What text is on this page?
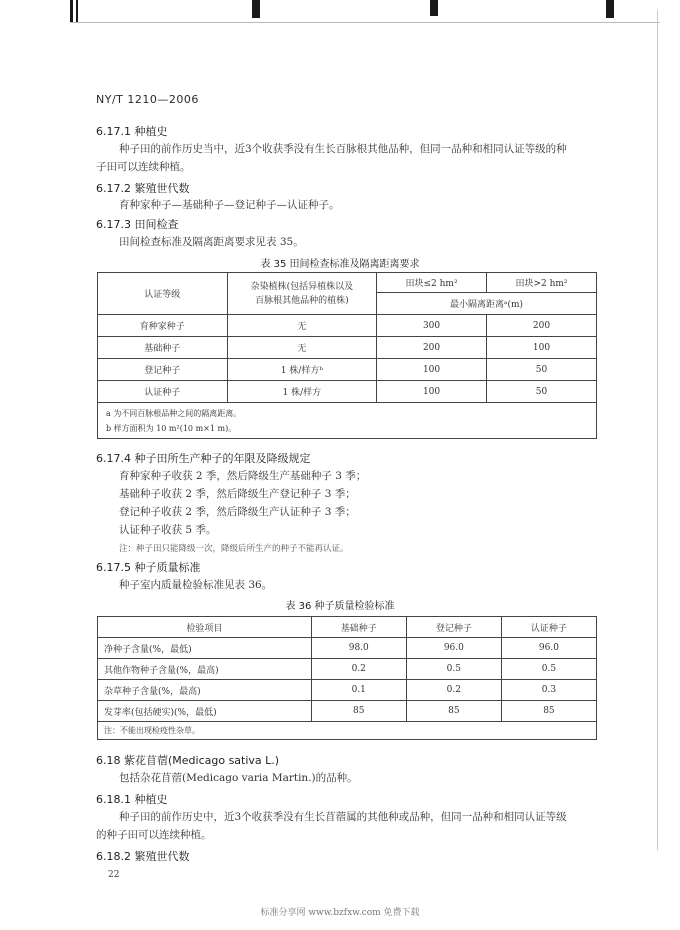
NY/T 1210—2006
6.17.1 种植史
种子田的前作历史当中，近3个收获季没有生长百脉根其他品种，但同一品种和相同认证等级的种
子田可以连续种植。
6.17.2 繁殖世代数
育种家种子—基础种子—登记种子—认证种子。
6.17.3 田间检查
田间检查标准及隔离距离要求见表 35。
表 35 田间检查标准及隔离距离要求
认证等级	杂染植株(包括异植株以及
百脉根其他品种的植株)	田块≤2 hm²	田块>2 hm²
		最小隔离距离ᵃ(m)	
育种家种子	无	300	200
基础种子	无	200	100
登记种子	1 株/样方ᵇ	100	50
认证种子	1 株/样方	100	50
a 为不同百脉根品种之间的隔离距离。
b 样方面积为 10 m²(10 m×1 m)。			
6.17.4 种子田所生产种子的年限及降级规定
育种家种子收获 2 季，然后降级生产基础种子 3 季；
基础种子收获 2 季，然后降级生产登记种子 3 季；
登记种子收获 2 季，然后降级生产认证种子 3 季；
认证种子收获 5 季。
注：种子田只能降级一次，降级后所生产的种子不能再认证。
6.17.5 种子质量标准
种子室内质量检验标准见表 36。
表 36 种子质量检验标准
检验项目	基础种子	登记种子	认证种子
净种子含量(%，最低)	98.0	96.0	96.0
其他作物种子含量(%，最高)	0.2	0.5	0.5
杂草种子含量(%，最高)	0.1	0.2	0.3
发芽率(包括硬实)(%，最低)	85	85	85
注：不能出现检疫性杂草。			
6.18 紫花苜蓿(Medicago sativa L.)
包括杂花苜蓿(Medicago varia Martin.)的品种。
6.18.1 种植史
种子田的前作历史中，近3个收获季没有生长苜蓿属的其他种或品种，但同一品种和相同认证等级
的种子田可以连续种植。
6.18.2 繁殖世代数
22
标准分享网 www.bzfxw.com 免费下载
